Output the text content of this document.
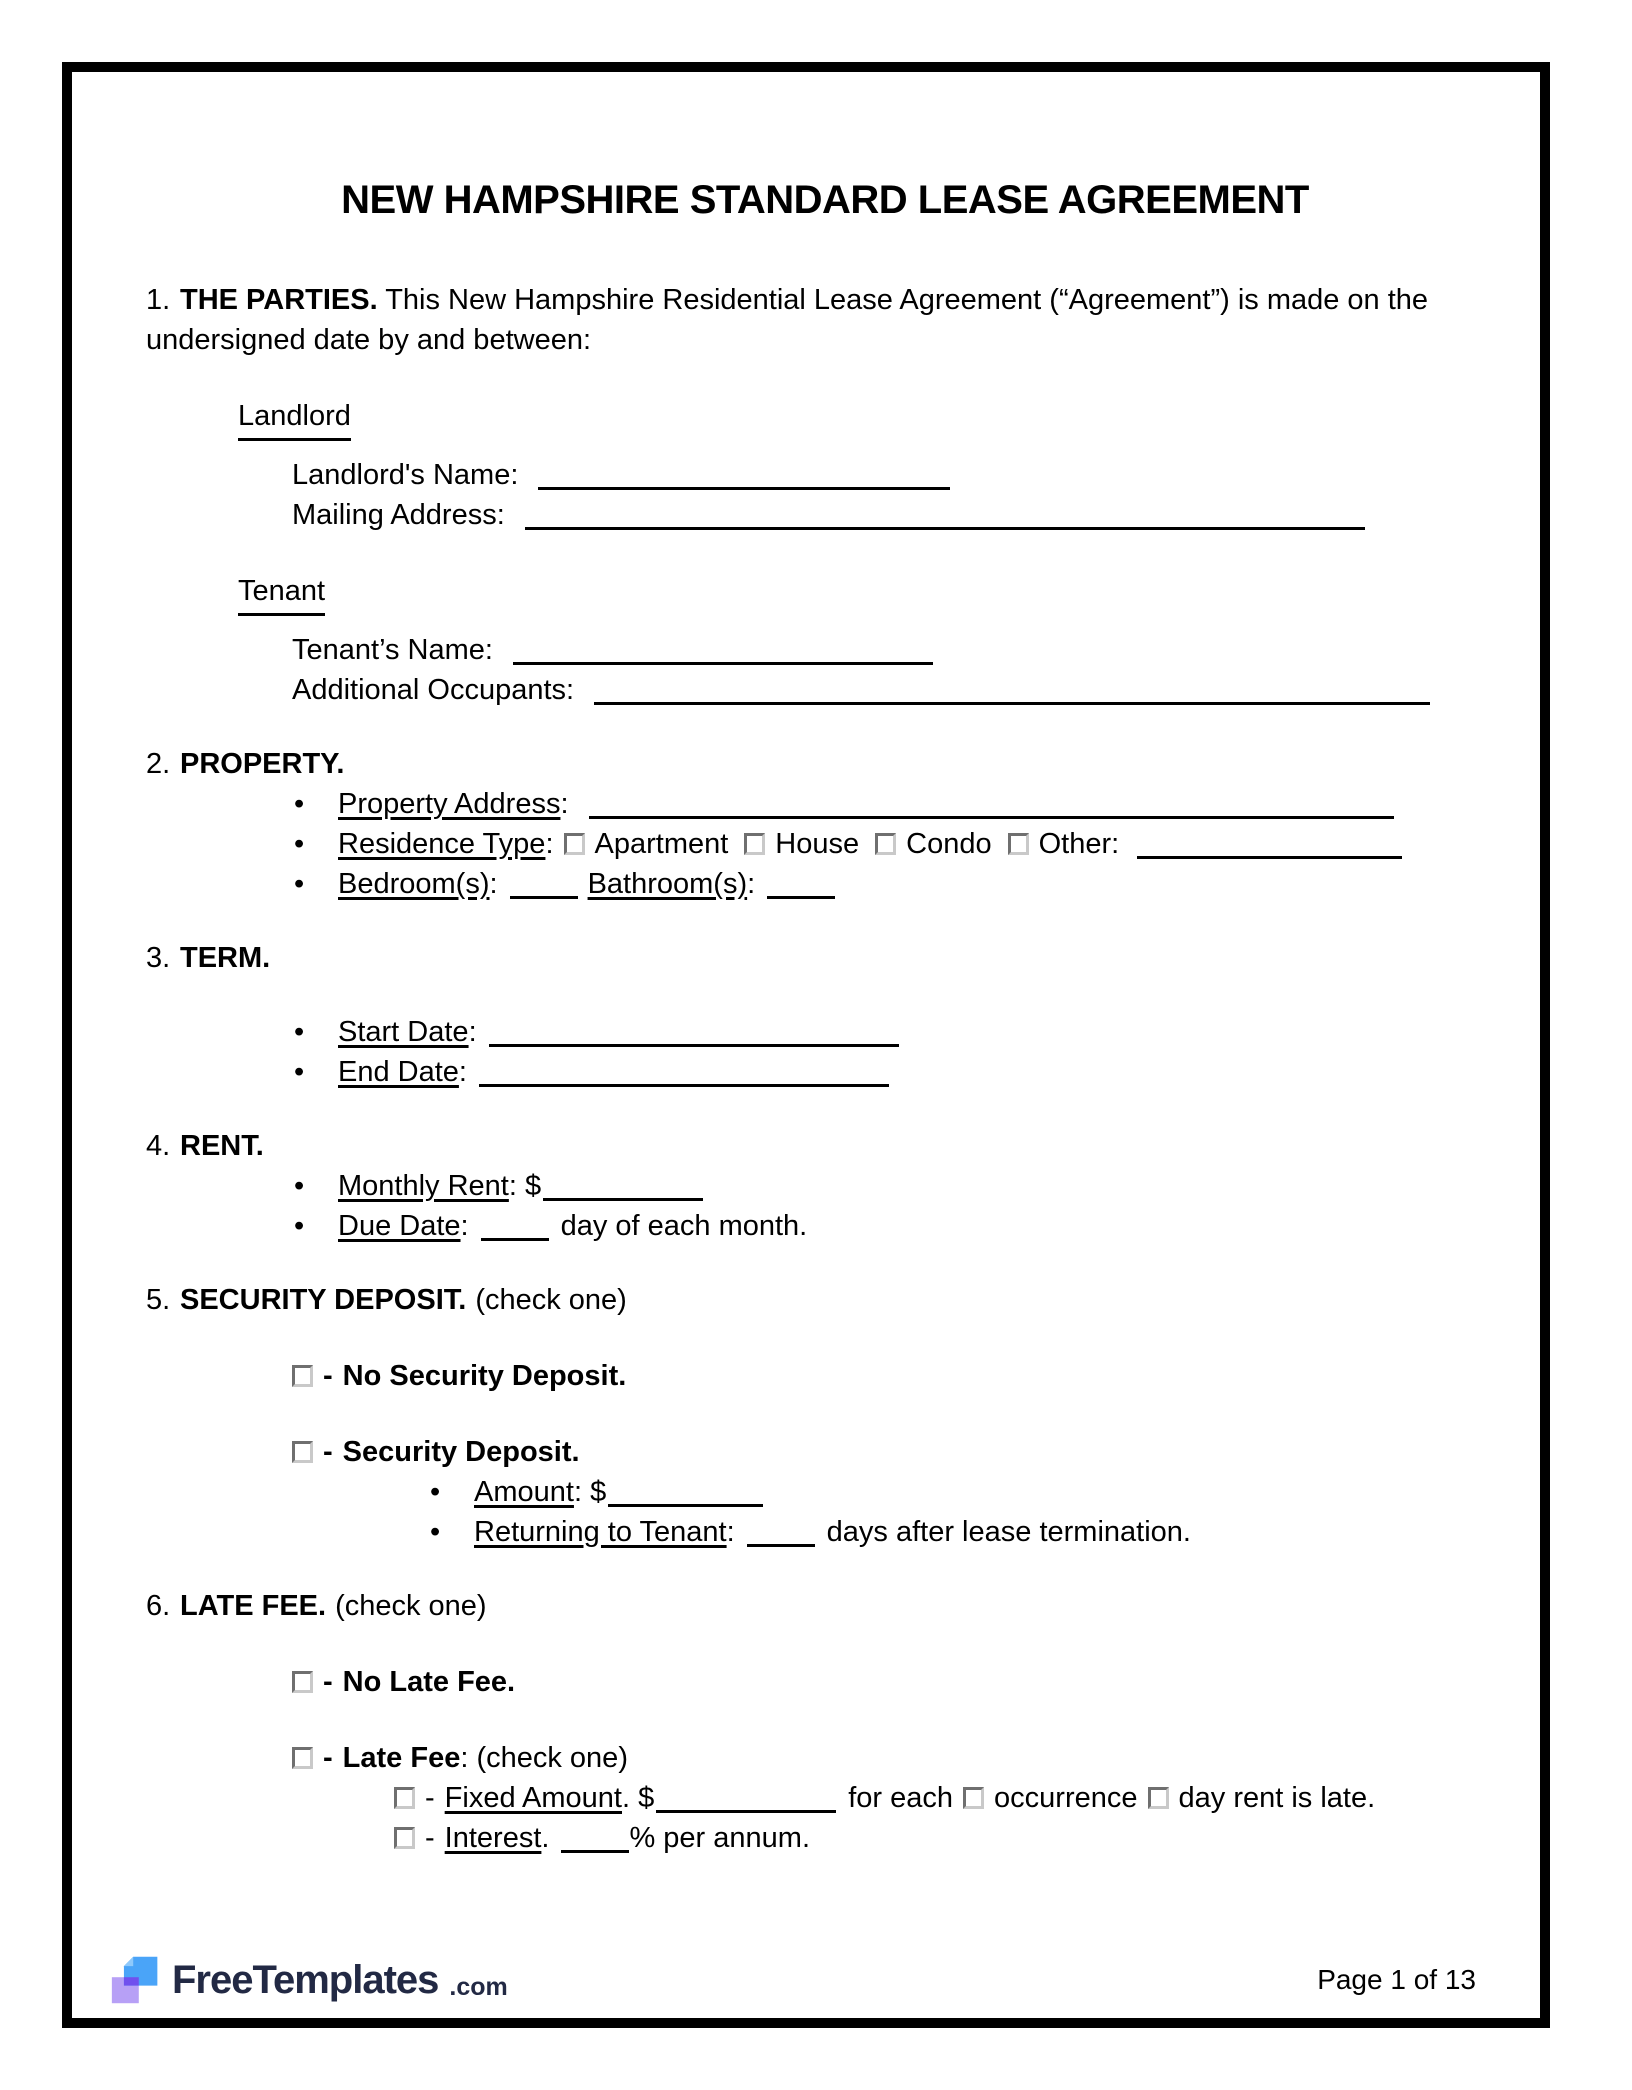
NEW HAMPSHIRE STANDARD LEASE AGREEMENT

1. THE PARTIES. This New Hampshire Residential Lease Agreement (“Agreement”) is made on the undersigned date by and between:

Landlord
Landlord's Name:
Mailing Address:
Tenant
Tenant’s Name:
Additional Occupants:
2. PROPERTY.
• Property Address:
• Residence Type: Apartment House Condo Other:
• Bedroom(s):	Bathroom(s):
3. TERM.
• Start Date:
• End Date:
4. RENT.
• Monthly Rent: $
• Due Date:	day of each month.
5. SECURITY DEPOSIT. (check one)
- No Security Deposit.
- Security Deposit.
• Amount: $
• Returning to Tenant:	days after lease termination.
6. LATE FEE. (check one)
- No Late Fee.
- Late Fee: (check one)
- Fixed Amount. $	for each occurrence day rent is late.
- Interest.	% per annum.
FreeTemplates .com	Page 1 of 13
